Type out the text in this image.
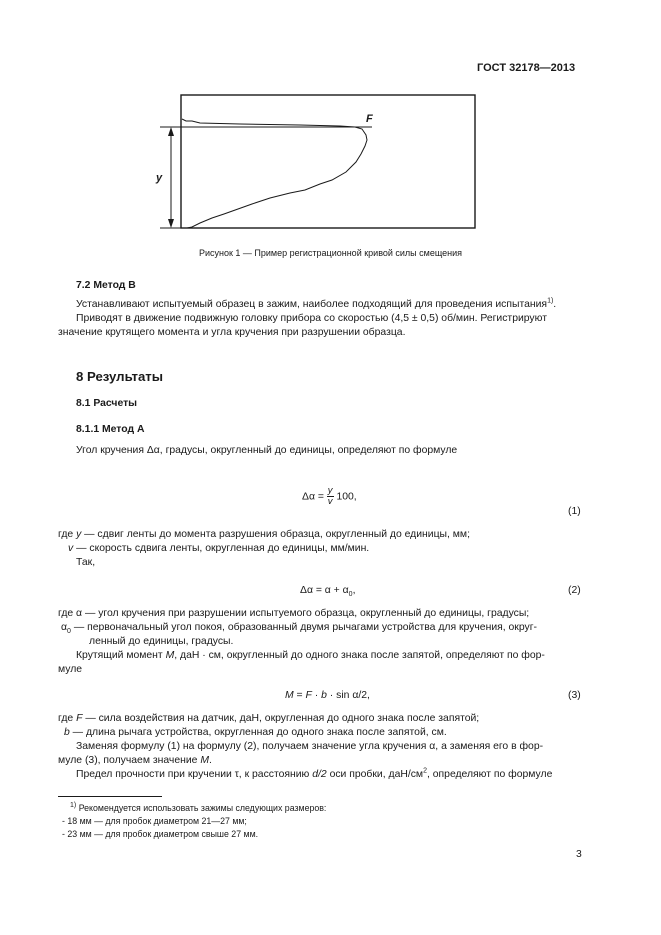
ГОСТ 32178—2013
F
y
Рисунок 1 — Пример регистрационной кривой силы смещения
7.2 Метод B
Устанавливают испытуемый образец в зажим, наиболее подходящий для проведения испытания$^{1)}$.
Приводят в движение подвижную головку прибора со скоростью (4,5 ± 0,5) об/мин. Регистрируют
значение крутящего момента и угла кручения при разрушении образца.
8 Результаты
8.1 Расчеты
8.1.1 Метод А
Угол кручения Δα, градусы, округленный до единицы, определяют по формуле
$\Delta\alpha = \frac{y}{v} 100$,
(1)
где y — сдвиг ленты до момента разрушения образца, округленный до единицы, мм;
v — скорость сдвига ленты, округленная до единицы, мм/мин.
Так,
$\Delta\alpha = \alpha + \alpha_0$,	(2)
где α — угол кручения при разрушении испытуемого образца, округленный до единицы, градусы;
$\alpha_0$ — первоначальный угол покоя, образованный двумя рычагами устройства для кручения, округ-
ленный до единицы, градусы.
Крутящий момент M, даН · см, округленный до одного знака после запятой, определяют по фор-
муле
M = F · b · sin α/2,	(3)
где F — сила воздействия на датчик, даН, округленная до одного знака после запятой;
b — длина рычага устройства, округленная до одного знака после запятой, см.
Заменяя формулу (1) на формулу (2), получаем значение угла кручения α, а заменяя его в фор-
муле (3), получаем значение M.
Предел прочности при кручении τ, к расстоянию d/2 оси пробки, даН/$см^2$, определяют по формуле
$^{1)}$ Рекомендуется использовать зажимы следующих размеров:
- 18 мм — для пробок диаметром 21—27 мм;
- 23 мм — для пробок диаметром свыше 27 мм.
3
